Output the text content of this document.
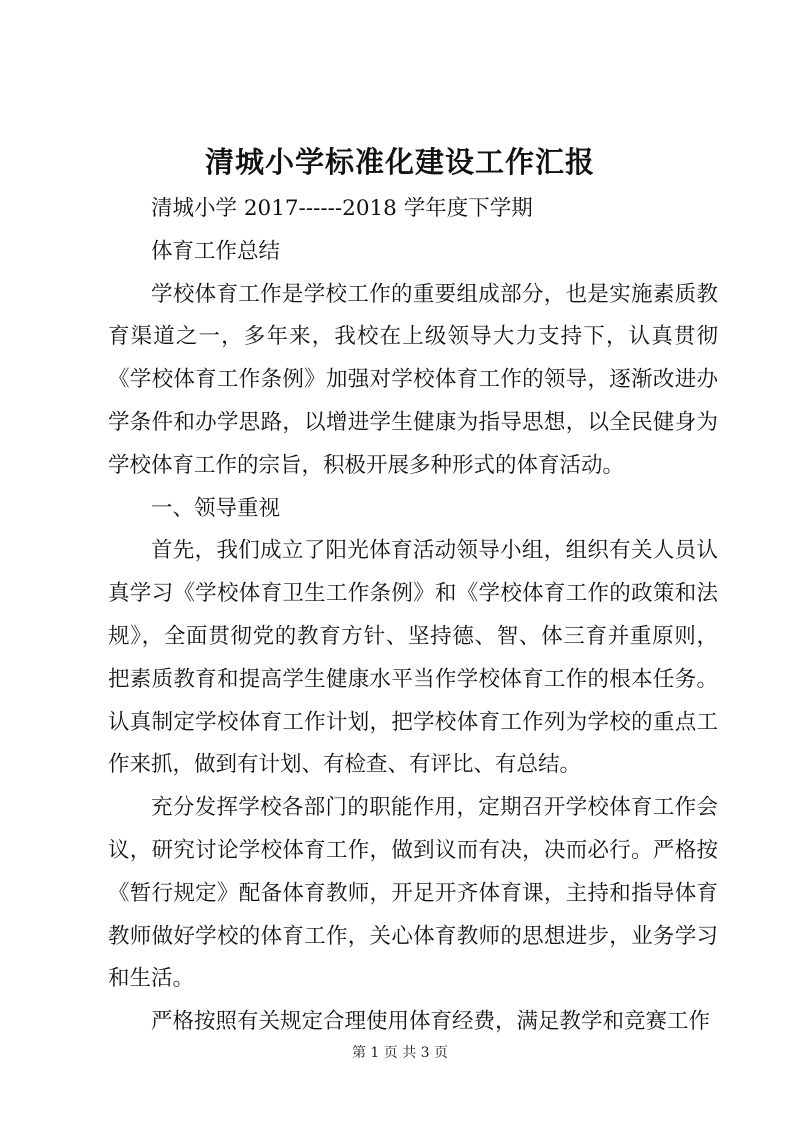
清城小学标准化建设工作汇报

清城小学 2017------2018 学年度下学期

体育工作总结

学校体育工作是学校工作的重要组成部分，也是实施素质教育渠道之一，多年来，我校在上级领导大力支持下，认真贯彻《学校体育工作条例》加强对学校体育工作的领导，逐渐改进办学条件和办学思路，以增进学生健康为指导思想，以全民健身为学校体育工作的宗旨，积极开展多种形式的体育活动。

一、领导重视

首先，我们成立了阳光体育活动领导小组，组织有关人员认真学习《学校体育卫生工作条例》和《学校体育工作的政策和法规》，全面贯彻党的教育方针、坚持德、智、体三育并重原则，把素质教育和提高学生健康水平当作学校体育工作的根本任务。认真制定学校体育工作计划，把学校体育工作列为学校的重点工作来抓，做到有计划、有检查、有评比、有总结。

充分发挥学校各部门的职能作用，定期召开学校体育工作会议，研究讨论学校体育工作，做到议而有决，决而必行。严格按《暂行规定》配备体育教师，开足开齐体育课，主持和指导体育教师做好学校的体育工作，关心体育教师的思想进步，业务学习和生活。

严格按照有关规定合理使用体育经费，满足教学和竞赛工作

第 1 页 共 3 页
